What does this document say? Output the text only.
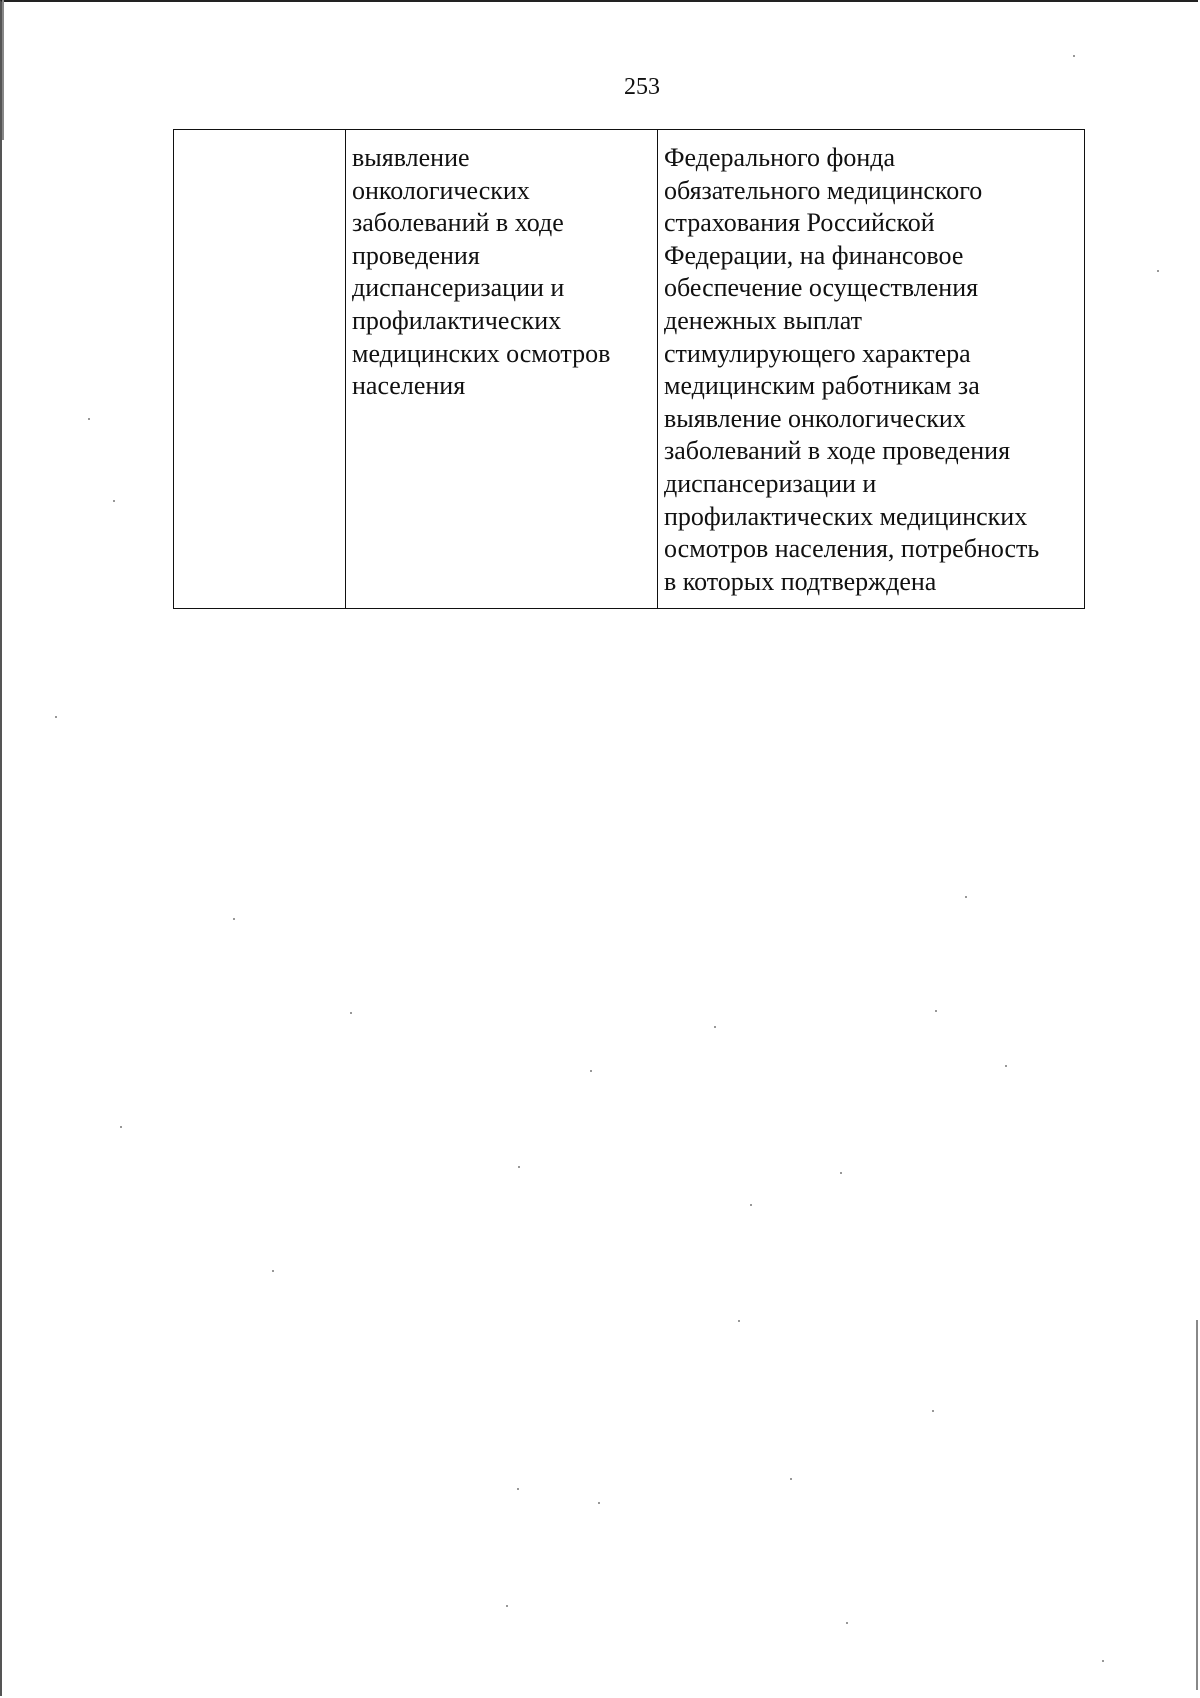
253
выявление
онкологических
заболеваний в ходе
проведения
диспансеризации и
профилактических
медицинских осмотров
населения
Федерального фонда
обязательного медицинского
страхования Российской
Федерации, на финансовое
обеспечение осуществления
денежных выплат
стимулирующего характера
медицинским работникам за
выявление онкологических
заболеваний в ходе проведения
диспансеризации и
профилактических медицинских
осмотров населения, потребность
в которых подтверждена
